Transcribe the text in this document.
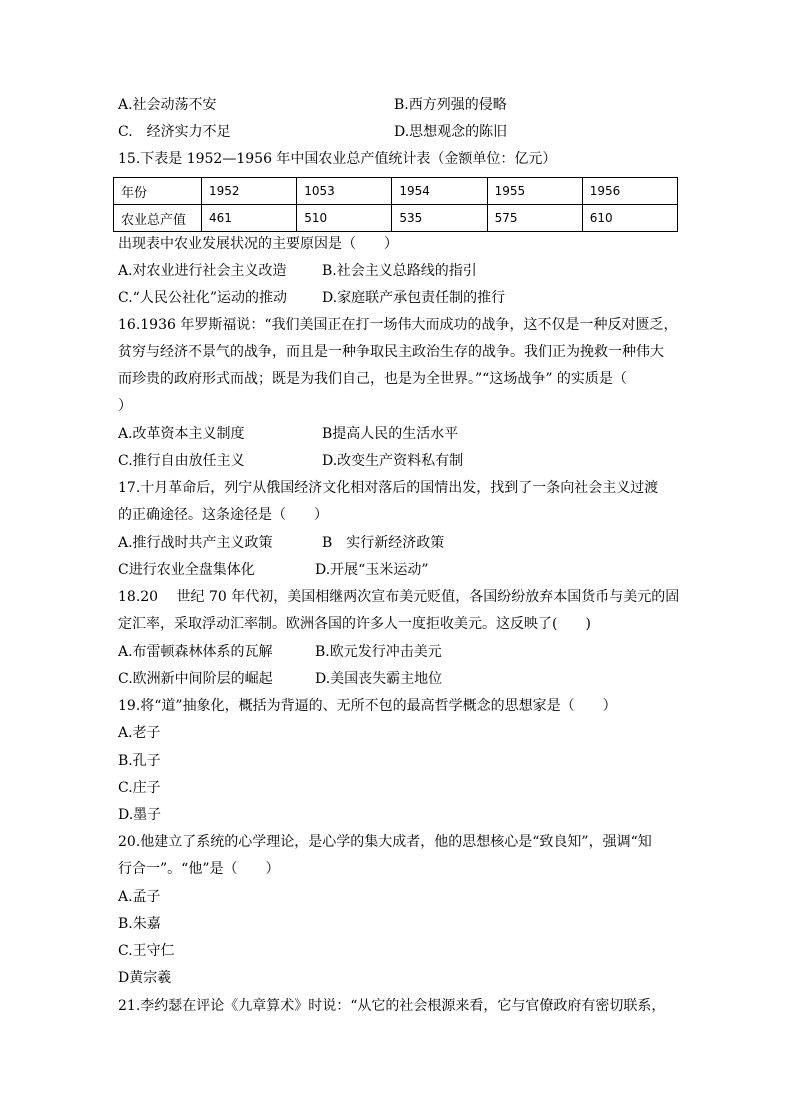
A.社会动荡不安	B.西方列强的侵略
C.　经济实力不足	D.思想观念的陈旧
15.下表是 1952—1956 年中国农业总产值统计表（金额单位：亿元）
年份	1952	1053	1954	1955	1956
农业总产值	461	510	535	575	610
出现表中农业发展状况的主要原因是（　　）
A.对农业进行社会主义改造	B.社会主义总路线的指引
C.“人民公社化”运动的推动	D.家庭联产承包责任制的推行
16.1936 年罗斯福说：“我们美国正在打一场伟大而成功的战争，这不仅是一种反对匮乏，
贫穷与经济不景气的战争，而且是一种争取民主政治生存的战争。我们正为挽救一种伟大
而珍贵的政府形式而战；既是为我们自己，也是为全世界。”“这场战争” 的实质是（
）
A.改革资本主义制度	B提高人民的生活水平
C.推行自由放任主义	D.改变生产资料私有制
17.十月革命后，列宁从俄国经济文化相对落后的国情出发，找到了一条向社会主义过渡
的正确途径。这条途径是（　　）
A.推行战时共产主义政策	B　实行新经济政策
C进行农业全盘集体化	D.开展“玉米运动”
18.20　 世纪 70 年代初，美国相继两次宣布美元贬值，各国纷纷放弃本国货币与美元的固
定汇率，采取浮动汇率制。欧洲各国的许多人一度拒收美元。这反映了(　　)
A.布雷顿森林体系的瓦解	B.欧元发行冲击美元
C.欧洲新中间阶层的崛起	D.美国丧失霸主地位
19.将“道”抽象化，概括为背逼的、无所不包的最高哲学概念的思想家是（　　）
A.老子
B.孔子
C.庄子
D.墨子
20.他建立了系统的心学理论，是心学的集大成者，他的思想核心是“致良知”，强调“知
行合一”。“他”是（　　）
A.孟子
B.朱嘉
C.王守仁
D黄宗羲
21.李约瑟在评论《九章算术》时说：“从它的社会根源来看，它与官僚政府有密切联系，
